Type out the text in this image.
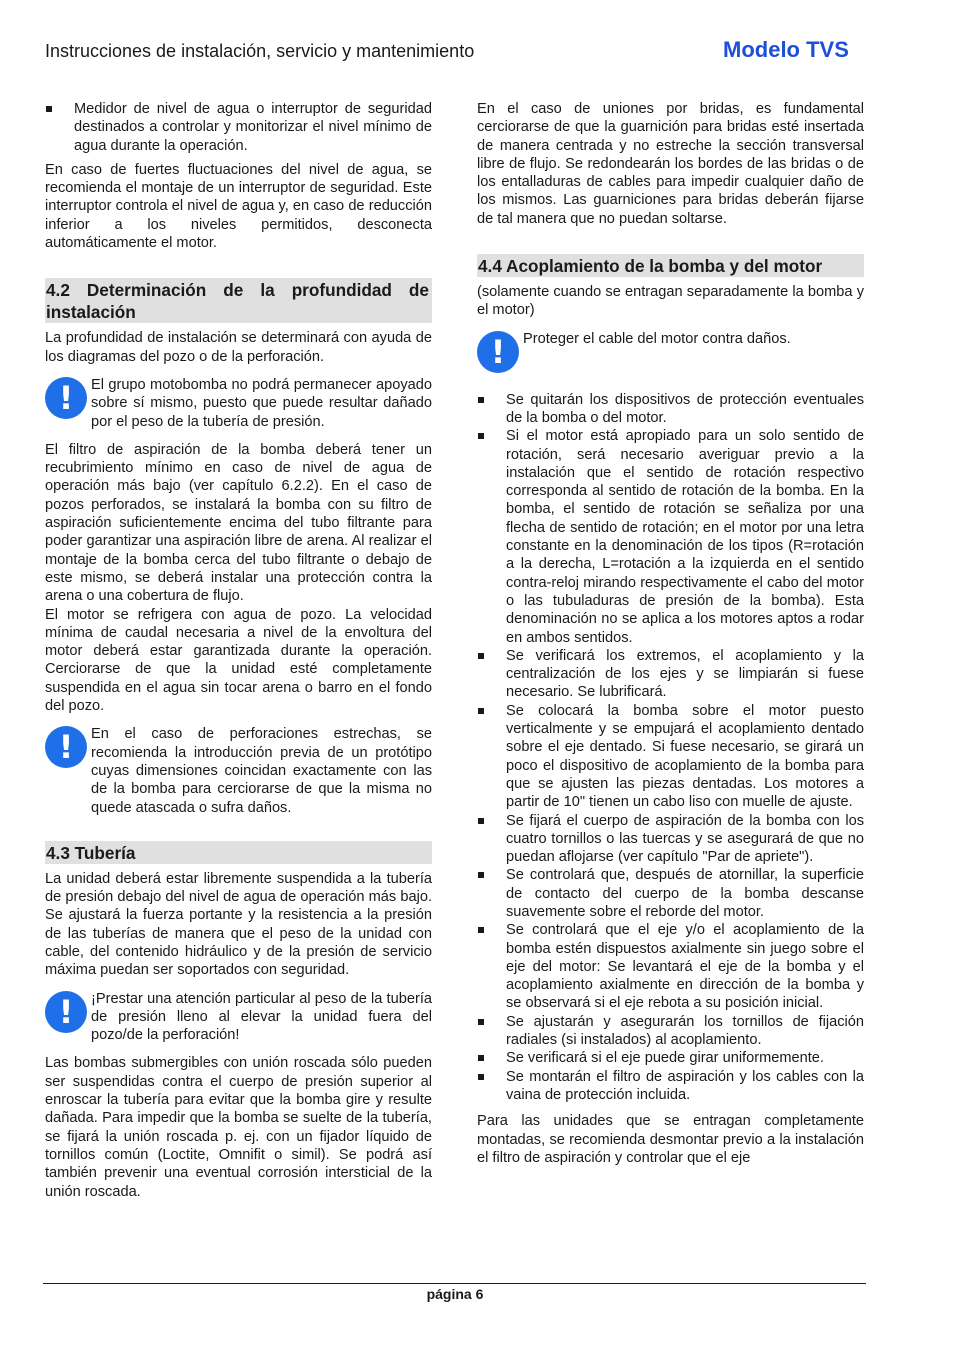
Instrucciones de instalación, servicio y mantenimiento	Modelo TVS
Medidor de nivel de agua o interruptor de seguridad destinados a controlar y monitorizar el nivel mínimo de agua durante la operación.

En caso de fuertes fluctuaciones del nivel de agua, se recomienda el montaje de un interruptor de seguridad. Este interruptor controla el nivel de agua y, en caso de reducción inferior a los niveles permitidos, desconecta automáticamente el motor.

4.2 Determinación de la profundidad de instalación

La profundidad de instalación se determinará con ayuda de los diagramas del pozo o de la perforación.

! El grupo motobomba no podrá permanecer apoyado sobre sí mismo, puesto que puede resultar dañado por el peso de la tubería de presión.

El filtro de aspiración de la bomba deberá tener un recubrimiento mínimo en caso de nivel de agua de operación más bajo (ver capítulo 6.2.2). En el caso de pozos perforados, se instalará la bomba con su filtro de aspiración suficientemente encima del tubo filtrante para poder garantizar una aspiración libre de arena. Al realizar el montaje de la bomba cerca del tubo filtrante o debajo de este mismo, se deberá instalar una protección contra la arena o una cobertura de flujo.

El motor se refrigera con agua de pozo. La velocidad mínima de caudal necesaria a nivel de la envoltura del motor deberá estar garantizada durante la operación. Cerciorarse de que la unidad esté completamente suspendida en el agua sin tocar arena o barro en el fondo del pozo.

! En el caso de perforaciones estrechas, se recomienda la introducción previa de un protótipo cuyas dimensiones coincidan exactamente con las de la bomba para cerciorarse de que la misma no quede atascada o sufra daños.
4.3 Tubería

La unidad deberá estar libremente suspendida a la tubería de presión debajo del nivel de agua de operación más bajo. Se ajustará la fuerza portante y la resistencia a la presión de las tuberías de manera que el peso de la unidad con cable, del contenido hidráulico y de la presión de servicio máxima puedan ser soportados con seguridad.

! ¡Prestar una atención particular al peso de la tubería de presión lleno al elevar la unidad fuera del pozo/de la perforación!

Las bombas submergibles con unión roscada sólo pueden ser suspendidas contra el cuerpo de presión superior al enroscar la tubería para evitar que la bomba gire y resulte dañada. Para impedir que la bomba se suelte de la tubería, se fijará la unión roscada p. ej. con un fijador líquido de tornillos común (Loctite, Omnifit o simil). Se podrá así también prevenir una eventual corrosión intersticial de la unión roscada.

En el caso de uniones por bridas, es fundamental cerciorarse de que la guarnición para bridas esté insertada de manera centrada y no estreche la sección transversal libre de flujo. Se redondearán los bordes de las bridas o de los entalladuras de cables para impedir cualquier daño de los mismos. Las guarniciones para bridas deberán fijarse de tal manera que no puedan soltarse.

4.4 Acoplamiento de la bomba y del motor

(solamente cuando se entragan separadamente la bomba y el motor)

! Proteger el cable del motor contra daños.
Se quitarán los dispositivos de protección eventuales de la bomba o del motor.
Si el motor está apropiado para un solo sentido de rotación, será necesario averiguar previo a la instalación que el sentido de rotación respectivo corresponda al sentido de rotación de la bomba. En la bomba, el sentido de rotación se señaliza por una flecha de sentido de rotación; en el motor por una letra constante en la denominación de los tipos (R=rotación a la derecha, L=rotación a la izquierda en el sentido contra-reloj mirando respectivamente el cabo del motor o las tubuladuras de presión de la bomba). Esta denominación no se aplica a los motores aptos a rodar en ambos sentidos.
Se verificará los extremos, el acoplamiento y la centralización de los ejes y se limpiarán si fuese necesario. Se lubrificará.
Se colocará la bomba sobre el motor puesto verticalmente y se empujará el acoplamiento dentado sobre el eje dentado. Si fuese necesario, se girará un poco el dispositivo de acoplamiento de la bomba para que se ajusten las piezas dentadas. Los motores a partir de 10" tienen un cabo liso con muelle de ajuste.
Se fijará el cuerpo de aspiración de la bomba con los cuatro tornillos o las tuercas y se asegurará de que no puedan aflojarse (ver capítulo "Par de apriete").
Se controlará que, después de atornillar, la superficie de contacto del cuerpo de la bomba descanse suavemente sobre el reborde del motor.
Se controlará que el eje y/o el acoplamiento de la bomba estén dispuestos axialmente sin juego sobre el eje del motor: Se levantará el eje de la bomba y el acoplamiento axialmente en dirección de la bomba y se observará si el eje rebota a su posición inicial.
Se ajustarán y asegurarán los tornillos de fijación radiales (si instalados) al acoplamiento.
Se verificará si el eje puede girar uniformemente.
Se montarán el filtro de aspiración y los cables con la vaina de protección incluida.

Para las unidades que se entragan completamente montadas, se recomienda desmontar previo a la instalación el filtro de aspiración y controlar que el eje

página 6
